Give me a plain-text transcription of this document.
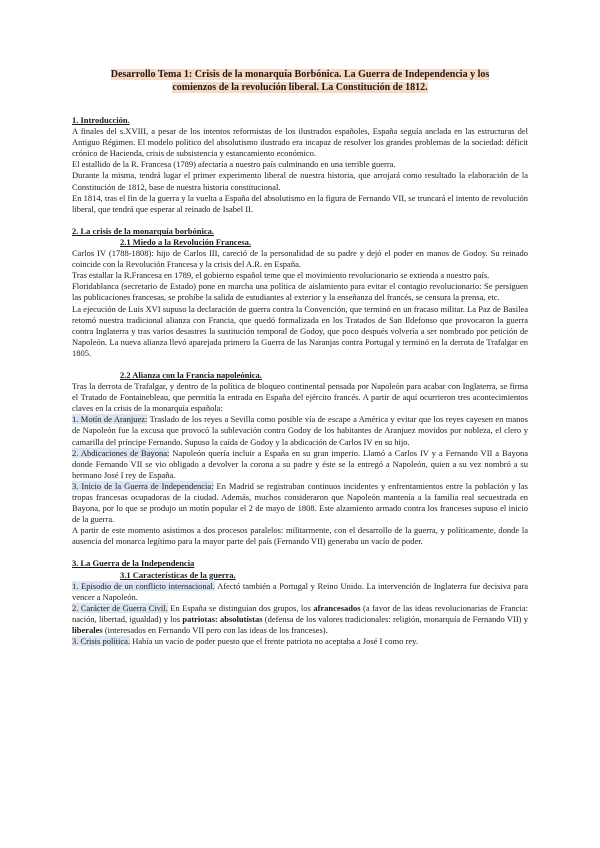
Desarrollo Tema 1: Crisis de la monarquía Borbónica. La Guerra de Independencia y los
comienzos de la revolución liberal. La Constitución de 1812.
1. Introducción.

A finales del s.XVIII, a pesar de los intentos reformistas de los ilustrados españoles, España seguía anclada en las estructuras del Antiguo Régimen. El modelo político del absolutismo ilustrado era incapaz de resolver los grandes problemas de la sociedad: déficit crónico de Hacienda, crisis de subsistencia y estancamiento económico.

El estallido de la R. Francesa (1789) afectaría a nuestro país culminando en una terrible guerra.

Durante la misma, tendrá lugar el primer experimento liberal de nuestra historia, que arrojará como resultado la elaboración de la Constitución de 1812, base de nuestra historia constitucional.

En 1814, tras el fin de la guerra y la vuelta a España del absolutismo en la figura de Fernando VII, se truncará el intento de revolución liberal, que tendrá que esperar al reinado de Isabel II.

2. La crisis de la monarquía borbónica.
2.1 Miedo a la Revolución Francesa.

Carlos IV (1788-1808): hijo de Carlos III, careció de la personalidad de su padre y dejó el poder en manos de Godoy. Su reinado coincide con la Revolución Francesa y la crisis del A.R. en España.

Tras estallar la R.Francesa en 1789, el gobierno español teme que el movimiento revolucionario se extienda a nuestro país.

Floridablanca (secretario de Estado) pone en marcha una política de aislamiento para evitar el contagio revolucionario: Se persiguen las publicaciones francesas, se prohíbe la salida de estudiantes al exterior y la enseñanza del francés, se censura la prensa, etc.

La ejecución de Luis XVI supuso la declaración de guerra contra la Convención, que terminó en un fracaso militar. La Paz de Basilea retomó nuestra tradicional alianza con Francia, que quedó formalizada en los Tratados de San Ildefonso que provocaron la guerra contra Inglaterra y tras varios desastres la sustitución temporal de Godoy, que poco después volvería a ser nombrado por petición de Napoleón. La nueva alianza llevó aparejada primero la Guerra de las Naranjas contra Portugal y terminó en la derrota de Trafalgar en 1805.

2.2 Alianza con la Francia napoleónica.

Tras la derrota de Trafalgar, y dentro de la política de bloqueo continental pensada por Napoleón para acabar con Inglaterra, se firma el Tratado de Fontainebleau, que permitía la entrada en España del ejército francés. A partir de aquí ocurrieron tres acontecimientos claves en la crisis de la monarquía española:

1. Motín de Aranjuez: Traslado de los reyes a Sevilla como posible vía de escape a América y evitar que los reyes cayesen en manos de Napoleón fue la excusa que provocó la sublevación contra Godoy de los habitantes de Aranjuez movidos por nobleza, el clero y camarilla del príncipe Fernando. Supuso la caída de Godoy y la abdicación de Carlos IV en su hijo.

2. Abdicaciones de Bayona: Napoleón quería incluir a España en su gran imperio. Llamó a Carlos IV y a Fernando VII a Bayona donde Fernando VII se vio obligado a devolver la corona a su padre y éste se la entregó a Napoleón, quien a su vez nombró a su hermano José I rey de España.

3. Inicio de la Guerra de Independencia: En Madrid se registraban continuos incidentes y enfrentamientos entre la población y las tropas francesas ocupadoras de la ciudad. Además, muchos consideraron que Napoleón mantenía a la familia real secuestrada en Bayona, por lo que se produjo un motín popular el 2 de mayo de 1808. Este alzamiento armado contra los franceses supuso el inicio de la guerra.

A partir de este momento asistimos a dos procesos paralelos: militarmente, con el desarrollo de la guerra, y políticamente, donde la ausencia del monarca legítimo para la mayor parte del país (Fernando VII) generaba un vacío de poder.

3. La Guerra de la Independencia
3.1 Características de la guerra.

1. Episodio de un conflicto internacional. Afectó también a Portugal y Reino Unido. La intervención de Inglaterra fue decisiva para vencer a Napoleón.

2. Carácter de Guerra Civil. En España se distinguían dos grupos, los afrancesados (a favor de las ideas revolucionarias de Francia: nación, libertad, igualdad) y los patriotas: absolutistas (defensa de los valores tradicionales: religión, monarquía de Fernando VII) y liberales (interesados en Fernando VII pero con las ideas de los franceses).

3. Crisis política. Había un vacío de poder puesto que el frente patriota no aceptaba a José I como rey.
